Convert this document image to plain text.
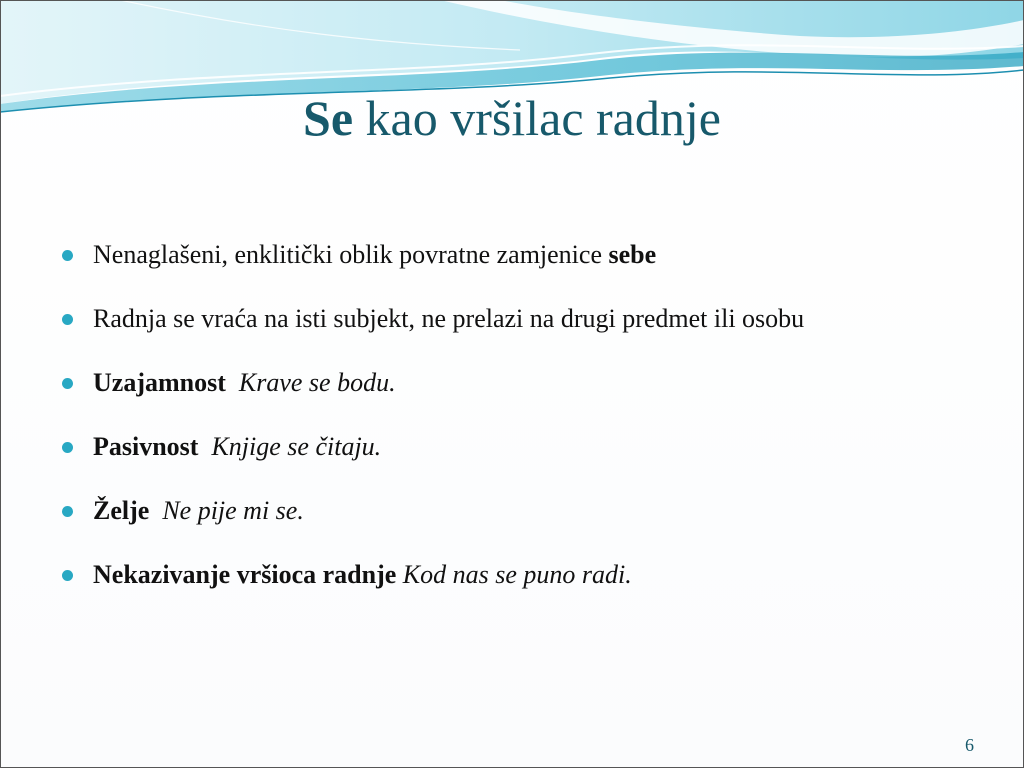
Se kao vršilac radnje
Nenaglašeni, enklitički oblik povratne zamjenice sebe
Radnja se vraća na isti subjekt, ne prelazi na drugi predmet ili osobu
Uzajamnost Krave se bodu.
Pasivnost Knjige se čitaju.
Želje Ne pije mi se.
Nekazivanje vršioca radnje Kod nas se puno radi.
6
